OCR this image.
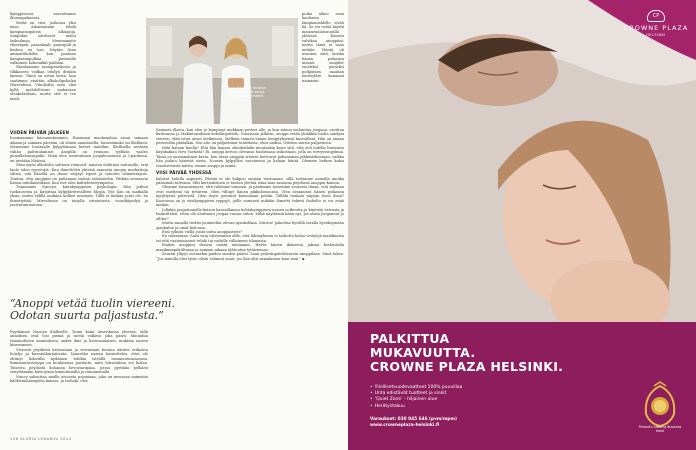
kymppisessä, saavuttamat illanonpalmessa.

Meitä on viisi, joukossa yksi mies. Aikaisemmin tehdä kampaamopäiviä alkuajoja. Simpukat odottavat meitä laskuilmaa. Menemmeite viheräpuh, paasakaali, puurapuli ja kesken on tosi. Näytän lisaa ammattikokilta, kun pantaan kampuaimpulkaa pasenalla valkoinen kokotaikki pääliäni.

Skoolaamme mangomehusta ja tilkkaseen vodkaa tehdyn drinkin kanssa. Tämä on aivan kerta, kun saatimme emittän alkoholipokalaa Miravalissa. Viinilistlin seen olisi kyllä mahdollisuus mukavaan olenkelaitlaan, mutta sitä ei tee mieli.

Kylpylähoitoon taustan anoppi ja miniä saivat toinen toisaa ilmeiltä.
VIIDEN PÄIVÄN JÄLKEEN

huomaamme katsomuksemme. Huomaan muokeaabaa aivan samaan aikaan ja samaan päivään, oli olinen aamiaisella, liusuantaako tai illallinen. Menemme loustaalle kylpylöinnsa koteet muutkin. Illallisella nestään vähän palesiulamme. Anopilla on rennosn tyylikäs vaaleo puuvillahousupuku. Minä olen asentuinnen joogahousuissa ja t-paidassa, en nestään Näsissä.

Otan myös alkoholin suhteen rennostl: naisten itsihtaisi natturalle, eräi laulu eden ryysöväiä. Kun ihmettelen yhteisä aamusta anopin merkattuja siltsiä, sitä hänellä on ihoon värjäyt ripset ja tatuoitu silmienrajaus. Tuntun, että anoppini on pullanaan imissä salaisuuden. Päiktin seuraavia hänen intiukaistiltaan, kun itse olen kuhtelensivympasta.

Tunnamme Nancyn, kuunkymppisen psykologin. Hän puhuu tuokuusesta ja kirjoittaa kylpyläretrealleen blogia. Nyt hän on matkalla yksin, mutta välillä mukana kulkee aviomies. Tällä ei mitään juuri ole, he ihmettyttää. Mirvaliossa on tarjolla ratsastusta, vuorikiipeilyä ja joustarummutusa.

“Anoppi vetää tuolin viereeni. Odotan suurta paljastusta.”

Pyydämme Nancyn illalliselle. Tuimi kaini Amerikassa yleensä, tällä annoksen ovat tosi pieniä ja meitä valkeus joka päivä. Minuuhin tämänuhteen amnisoksen, anker ilme ja kvinvasalaisen, mukissa naisen kiiremmeen.

Vierestä pöydässä kertoutaan ja verraisaan kovaan äänten erikuista hotelja ja kuentulkarjuiitsuta. Nauretku naisen harmittelee, ettei ole ehtinyt koketilla nydämen tehdän istvällä rummuutusaaosasa. Rummuntustarppa on koulutensa paritaita, mitä Miravalissa voi kokea. Toisesta pöydästä kohanan hevostarupiaa, joissa pyritään pelkäen venyttämään kiistojensa kiintoitumilla ja rumamenalla.

Nancy saksuttaa meille aivoasta pojaniaan, joka on menossa naimisiin kalifornialaisnyöön kanssa, ja voihoki, että

poika aikoo asua kauhassa lämpiamisklelle, eiväh kä. Se voi estää käyttä mamurnalatsuuralla ylidessä. Kansen valvikaa anoppiini, mutta tämä ei sano mitään. Häntä oli avantua siitä, koiska hänen poikansa meanti omijäler vuodeksi pieneksi poikjumen maahan merisyläre kamnani naimisiin.

Samasta illasta, kun olen jo kömpinyt mukkaan petteri alle, ja kun minua melanitaa joogaan, osoittaa kuttiuassa ja Makintoasilmen kehokaijoittelu. Suorissan jälkeen, anoppi vetää yhtäkkiä tuolin sänkyni viereen. Hän istuu aivan eteikeessa. Melkein tunnen hänen hengityksensä kasvoillani. Hän on niiaan perusvälin päätalkin. Sen aito on paljastunut tuntiltasta, ehut naiksa. Odotun suurta paljastusta.

Mitä haluan kuulla? Että hän kanssa oliindoidalin muutaskin kaire sitä, että oeli todella lintoiisen käynkaikan New Yorkista? Ei, anoppi kertoo olevansa huolissaan siskontaan, jolla on tervysvongelmia. Tämä on ensimmäinen kerta, kun tässä anoppin sitoeen kertoivat pahaneman pikkusiskontaan, vaikka hän puhuu hänestä usein. Nousen kylpyllesi vaaviuessa ja halaan häntä. Olemme hetken kuksi tauonvetaista naista, emme anoppi ja miniä.

VIISI PÄIVÄÄ YHDESSÄ

kaluvat todella nopeasti. Päivää ei ole hokpoo ennään toistunaan, sillä toteimme aamulla anoika pääsimuli tuleensa. Silti kerrauksiuen ei tuntuu ylettää istua taas samassa pöydässä anoppin kanssa.

Olemme huoamenneet, että tulemme toimeen, ja päätimme toisemme seurasta ilman, että mukana ovat miehemi tai tyttäreni. Olen villinyt hänen pikkuhousunsa. Olen avaanunut hänen poikansa äyrjittyisiä pätevistä. Olen myös joutunut katsomaan peiliin. Tälläki toukam näyyän itseä ilmoi? Kasvoissa on jo viisikymppisen ryppyjä, joille varmasti mikään ihmettä tekevä ihoholto ei voi enää mitään.

Jollakin joogatunnella katson kanssillamea kohtakymppisen naisen notkeutta ja kiinteää varrasta ja harmittelen, etten ole aloittanut joogaa vuosia sitten. Mihä näyttäisin kään nyt, jos olisin joogannut jo alliter?

Mutta samalla tiedän juomiethin olevan ajankohkaa. Mirava! pakottaa hyvällä tavalla hyväksymään ajankulun ja omat kehonsa.

Ensi syksön viellä joisin uutta anoppiasteri?

En oikeastaan. Saisi vain valvistamen allle, että lähimyhmen ei tarkottu halua vetäytyä maailmasta tai että vaatimaisenot tehdä tai vadrille vällaineen tilamusta.

Ihailen anoppini draivia enistä enemmän. Harva hänen ikäiseesä jaksaa kerkostalla maailmanpäätiltansa ja samaan aikaan tähtoutua tyttärensaa.

Seuriin ylliyys seuraakin paiden sunden päätsi. Saan ystävänpäivälieurein anoppilaan. Siinä lukee: “Jos minulla olisi tytär, olisin valinnut sinut, jos hän olisi samalainen kuin sinä.” ▪

126 GLORIA LOKAKUU 2014
CP
CROWNE PLAZA
HELSINKI
PALKITTUA
MUKAVUUTTA.
CROWNE PLAZA HELSINKI.
• Yliellisetvuodevaatteet 100% puuvillaa
• Unta edistävät tuotteet ja sinkit
• ‘Quiet Zone’ - hiljainen alue
• Herätystakuu
Varaukset: 020 045 646 (pvm/mpm)
www.crowneplaza-helsinki.fi	Finland's Leading Business Hotel
